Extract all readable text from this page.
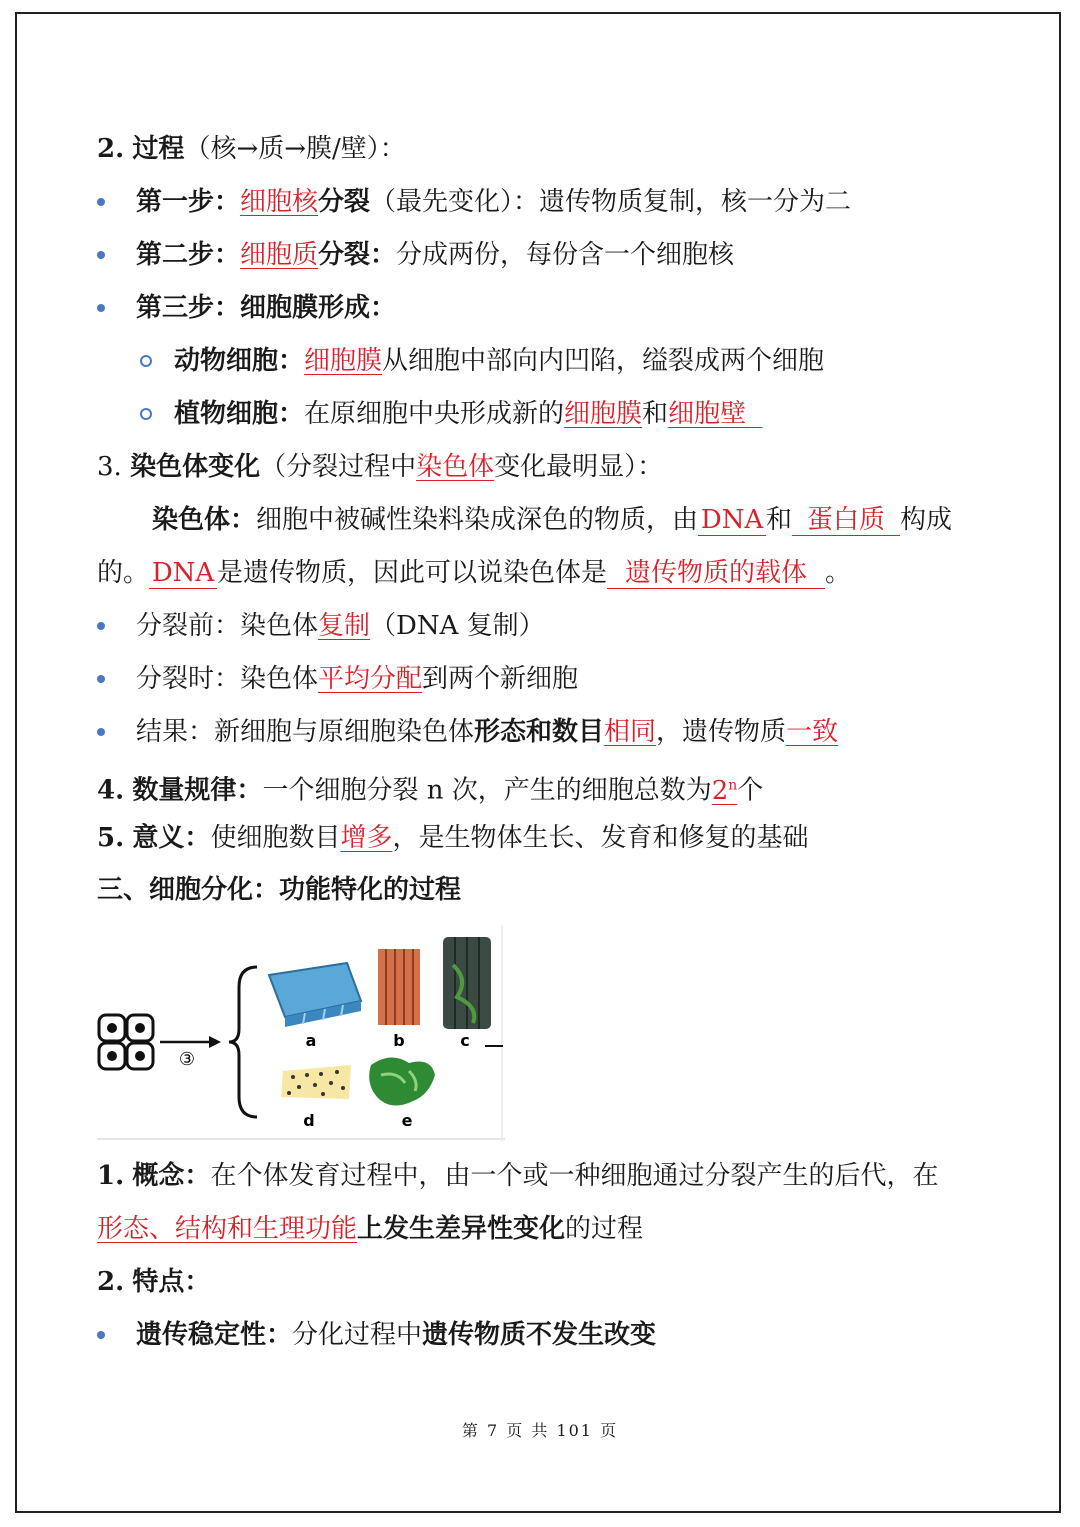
2. 过程（核→质→膜/壁）：
第一步：细胞核分裂（最先变化）：遗传物质复制，核一分为二
第二步：细胞质分裂：分成两份，每份含一个细胞核
第三步：细胞膜形成：
动物细胞：细胞膜从细胞中部向内凹陷，缢裂成两个细胞
植物细胞：在原细胞中央形成新的细胞膜和细胞壁
3. 染色体变化（分裂过程中染色体变化最明显）：
染色体：细胞中被碱性染料染成深色的物质，由 DNA 和 蛋白质 构成
的。 DNA 是遗传物质，因此可以说染色体是 遗传物质的载体 。
分裂前：染色体复制（DNA 复制）
分裂时：染色体平均分配到两个新细胞
结果：新细胞与原细胞染色体形态和数目相同，遗传物质一致
4. 数量规律：一个细胞分裂 n 次，产生的细胞总数为2$^n$个
5. 意义：使细胞数目增多，是生物体生长、发育和修复的基础
三、细胞分化：功能特化的过程
③
a	b	c
d	e
1. 概念：在个体发育过程中，由一个或一种细胞通过分裂产生的后代，在
形态、结构和生理功能上发生差异性变化的过程
2. 特点：
遗传稳定性：分化过程中遗传物质不发生改变
第 7 页 共 101 页
